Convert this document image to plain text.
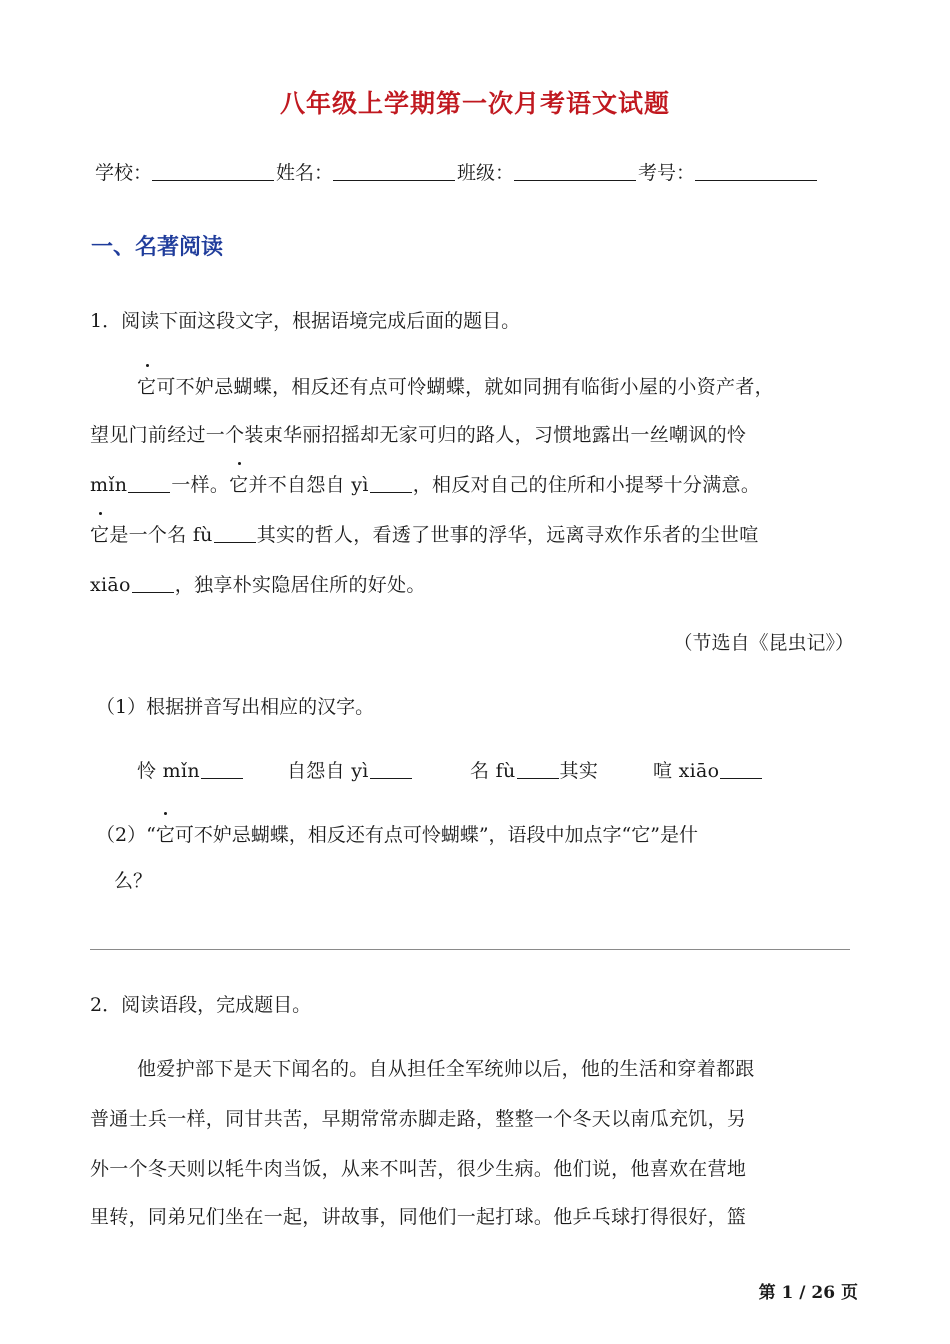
八年级上学期第一次月考语文试题
学校：	姓名：	班级：	考号：
一、名著阅读
1．阅读下面这段文字，根据语境完成后面的题目。
它可不妒忌蝴蝶，相反还有点可怜蝴蝶，就如同拥有临街小屋的小资产者，
望见门前经过一个装束华丽招摇却无家可归的路人，习惯地露出一丝嘲讽的怜
mǐn 一样。它并不自怨自 yì ，相反对自己的住所和小提琴十分满意。
它是一个名 fù 其实的哲人，看透了世事的浮华，远离寻欢作乐者的尘世喧
xiāo ，独享朴实隐居住所的好处。
（节选自《昆虫记》）
（1）根据拼音写出相应的汉字。
怜 mǐn	自怨自 yì	名 fù 其实	喧 xiāo
（2）“它可不妒忌蝴蝶，相反还有点可怜蝴蝶”，语段中加点字“它”是什
么？
2．阅读语段，完成题目。
他爱护部下是天下闻名的。自从担任全军统帅以后，他的生活和穿着都跟
普通士兵一样，同甘共苦，早期常常赤脚走路，整整一个冬天以南瓜充饥，另
外一个冬天则以牦牛肉当饭，从来不叫苦，很少生病。他们说，他喜欢在营地
里转，同弟兄们坐在一起，讲故事，同他们一起打球。他乒乓球打得很好，篮
第 1 / 26 页
